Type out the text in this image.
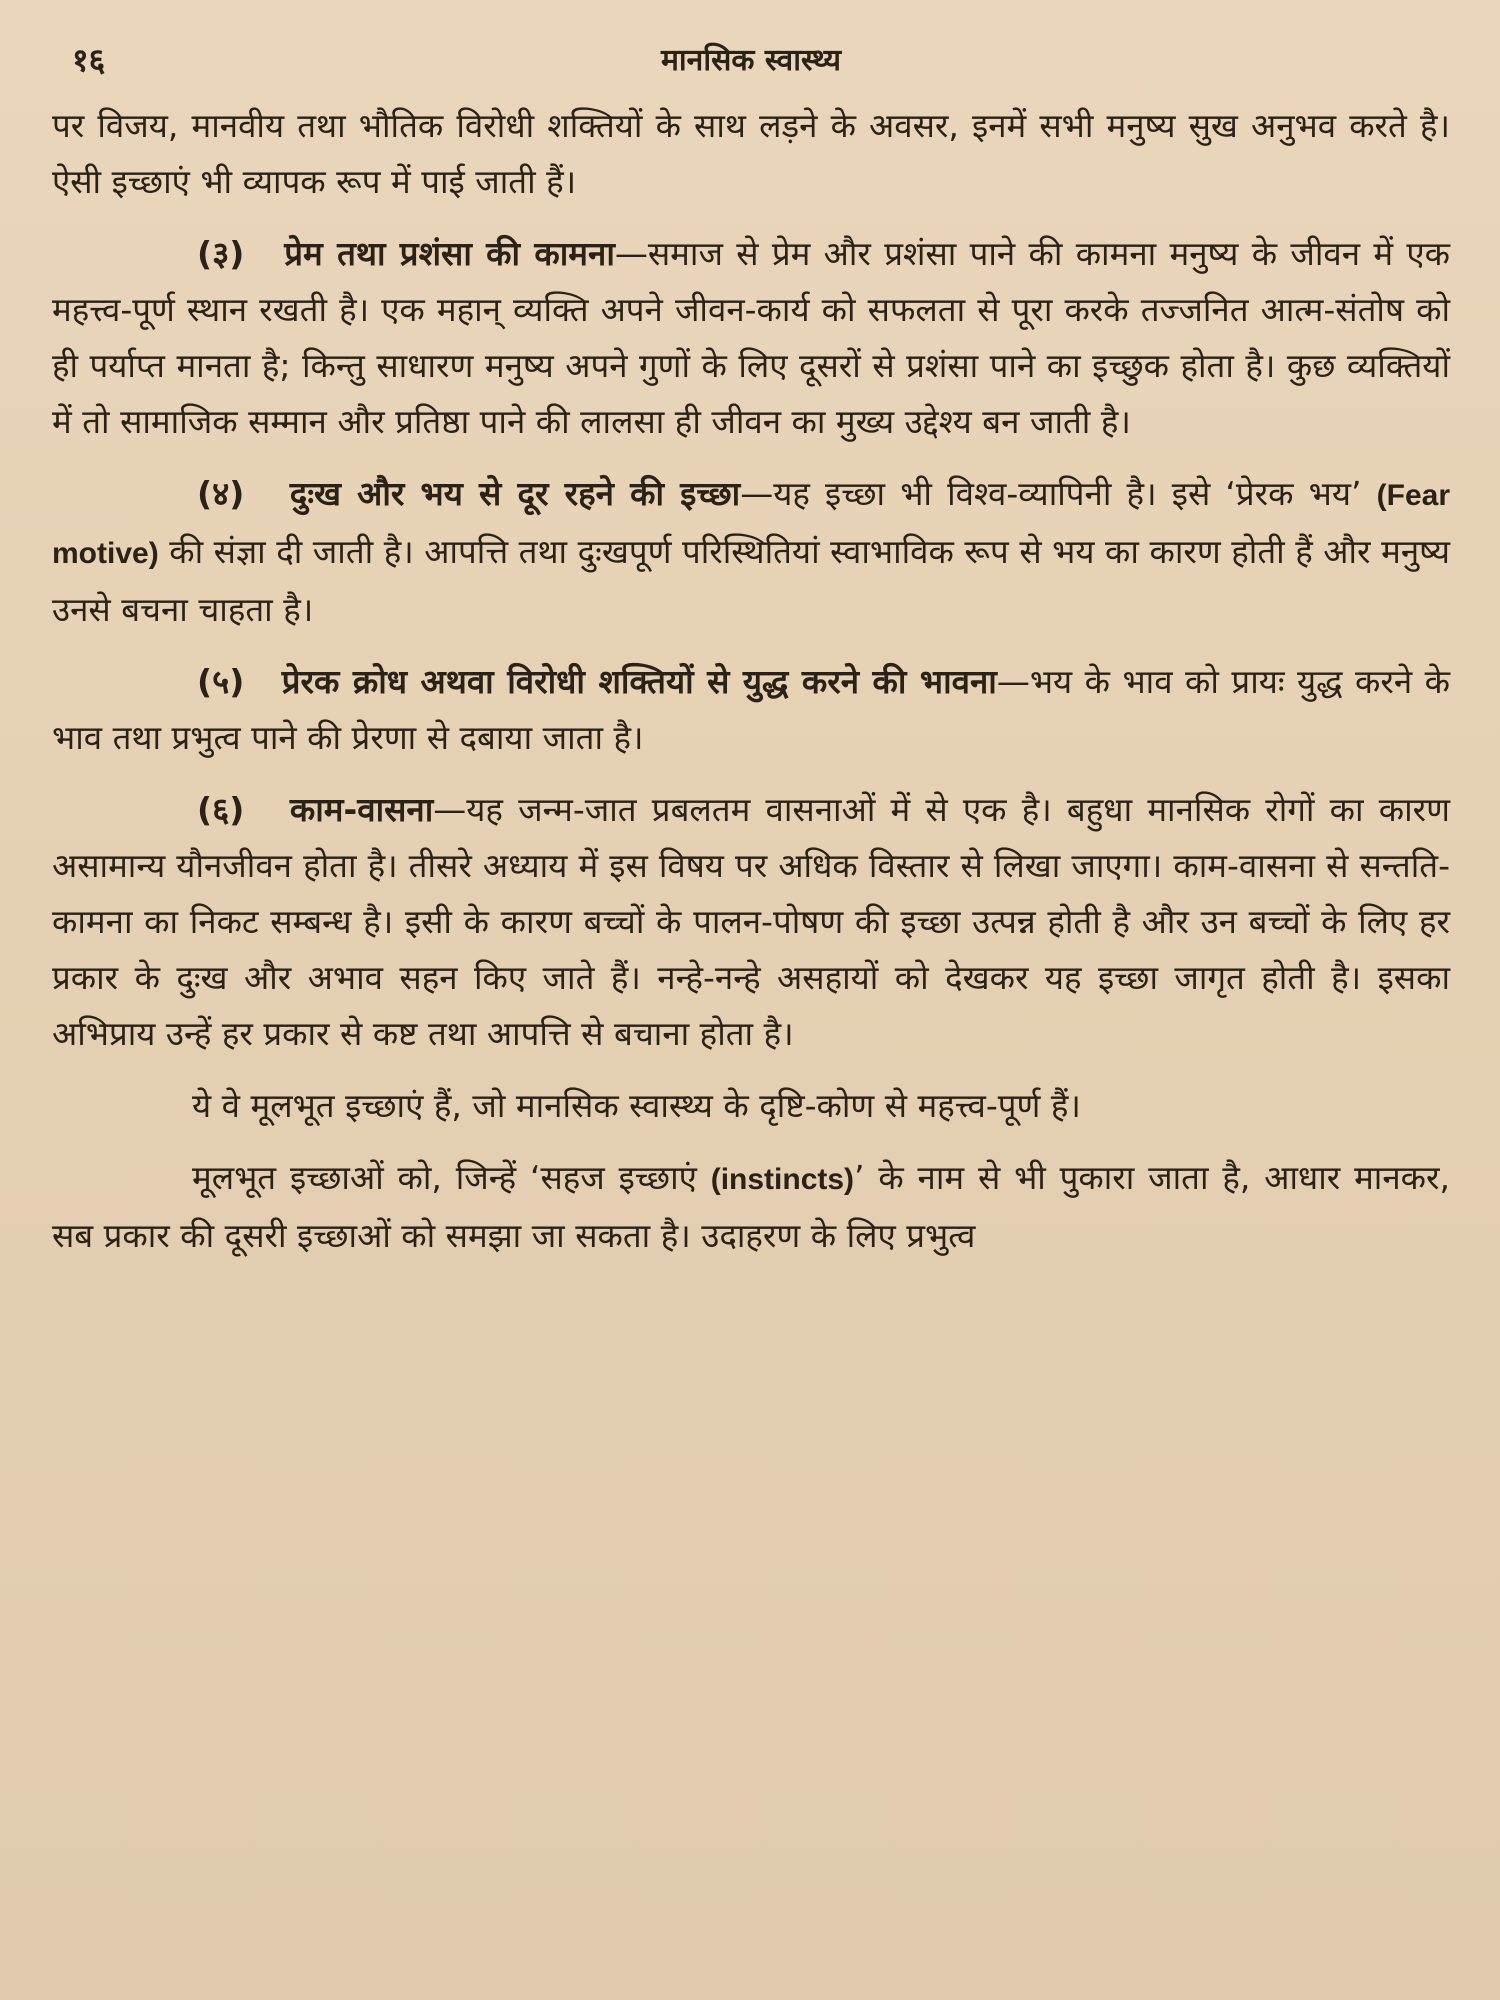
१६	मानसिक स्वास्थ्य

पर विजय, मानवीय तथा भौतिक विरोधी शक्तियों के साथ लड़ने के अवसर, इनमें सभी मनुष्य सुख अनुभव करते है। ऐसी इच्छाएं भी व्यापक रूप में पाई जाती हैं।

(३) प्रेम तथा प्रशंसा की कामना—समाज से प्रेम और प्रशंसा पाने की कामना मनुष्य के जीवन में एक महत्त्व-पूर्ण स्थान रखती है। एक महान् व्यक्ति अपने जीवन-कार्य को सफलता से पूरा करके तज्जनित आत्म-संतोष को ही पर्याप्त मानता है; किन्तु साधारण मनुष्य अपने गुणों के लिए दूसरों से प्रशंसा पाने का इच्छुक होता है। कुछ व्यक्तियों में तो सामाजिक सम्मान और प्रतिष्ठा पाने की लालसा ही जीवन का मुख्य उद्देश्य बन जाती है।

(४) दुःख और भय से दूर रहने की इच्छा—यह इच्छा भी विश्व-व्यापिनी है। इसे ‘प्रेरक भय’ (Fear motive) की संज्ञा दी जाती है। आपत्ति तथा दुःखपूर्ण परिस्थितियां स्वाभाविक रूप से भय का कारण होती हैं और मनुष्य उनसे बचना चाहता है।

(५) प्रेरक क्रोध अथवा विरोधी शक्तियों से युद्ध करने की भावना—भय के भाव को प्रायः युद्ध करने के भाव तथा प्रभुत्व पाने की प्रेरणा से दबाया जाता है।

(६) काम-वासना—यह जन्म-जात प्रबलतम वासनाओं में से एक है। बहुधा मानसिक रोगों का कारण असामान्य यौनजीवन होता है। तीसरे अध्याय में इस विषय पर अधिक विस्तार से लिखा जाएगा। काम-वासना से सन्तति-कामना का निकट सम्बन्ध है। इसी के कारण बच्चों के पालन-पोषण की इच्छा उत्पन्न होती है और उन बच्चों के लिए हर प्रकार के दुःख और अभाव सहन किए जाते हैं। नन्हे-नन्हे असहायों को देखकर यह इच्छा जागृत होती है। इसका अभिप्राय उन्हें हर प्रकार से कष्ट तथा आपत्ति से बचाना होता है।

ये वे मूलभूत इच्छाएं हैं, जो मानसिक स्वास्थ्य के दृष्टि-कोण से महत्त्व-पूर्ण हैं।

मूलभूत इच्छाओं को, जिन्हें ‘सहज इच्छाएं (instincts)’ के नाम से भी पुकारा जाता है, आधार मानकर, सब प्रकार की दूसरी इच्छाओं को समझा जा सकता है। उदाहरण के लिए प्रभुत्व
